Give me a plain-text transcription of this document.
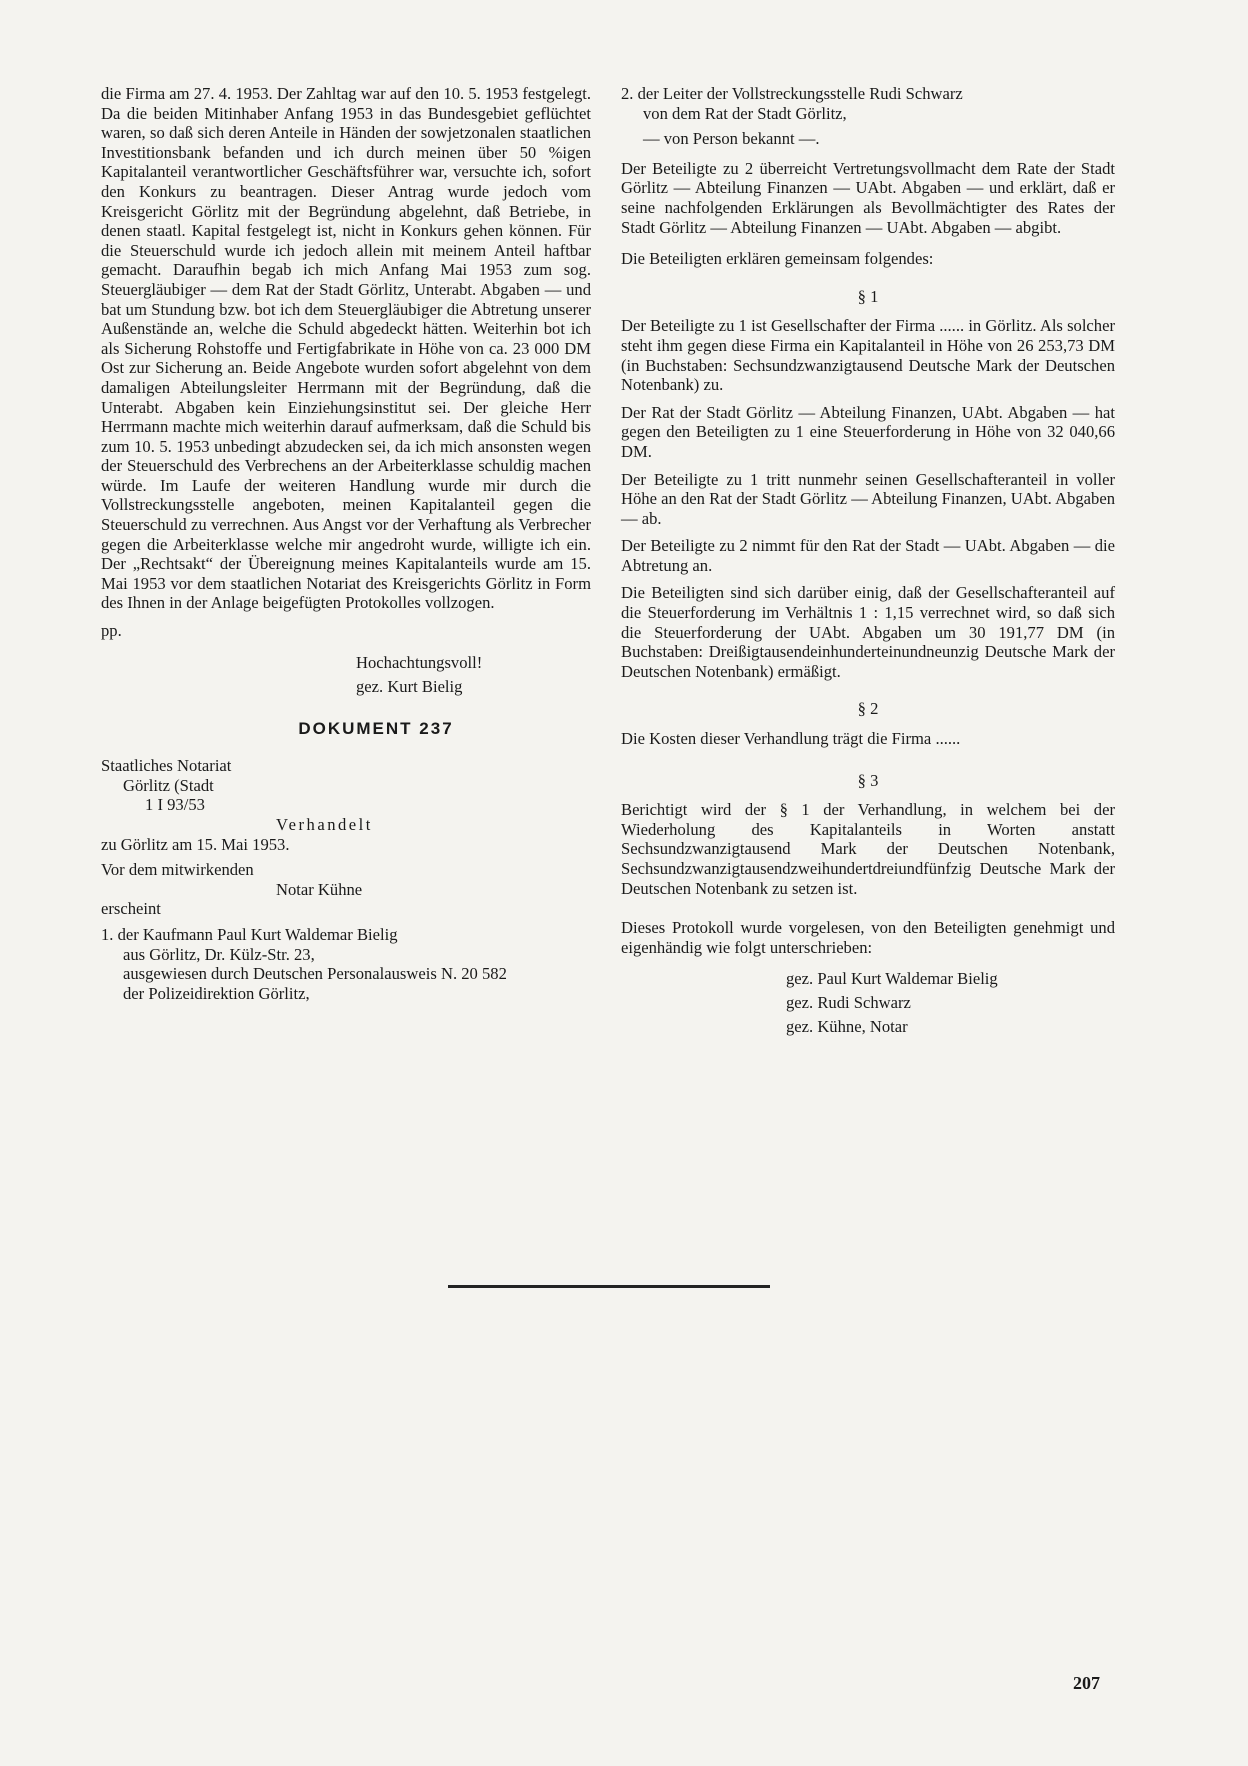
die Firma am 27. 4. 1953. Der Zahltag war auf den 10. 5. 1953 festgelegt. Da die beiden Mitinhaber Anfang 1953 in das Bundesgebiet geflüchtet waren, so daß sich deren Anteile in Händen der sowjetzonalen staatlichen Investitionsbank befanden und ich durch meinen über 50 %igen Kapitalanteil verantwortlicher Geschäftsführer war, versuchte ich, sofort den Konkurs zu beantragen. Dieser Antrag wurde jedoch vom Kreisgericht Görlitz mit der Begründung abgelehnt, daß Betriebe, in denen staatl. Kapital festgelegt ist, nicht in Konkurs gehen können. Für die Steuerschuld wurde ich jedoch allein mit meinem Anteil haftbar gemacht. Daraufhin begab ich mich Anfang Mai 1953 zum sog. Steuergläubiger — dem Rat der Stadt Görlitz, Unterabt. Abgaben — und bat um Stundung bzw. bot ich dem Steuergläubiger die Abtretung unserer Außenstände an, welche die Schuld abgedeckt hätten. Weiterhin bot ich als Sicherung Rohstoffe und Fertigfabrikate in Höhe von ca. 23 000 DM Ost zur Sicherung an. Beide Angebote wurden sofort abgelehnt von dem damaligen Abteilungsleiter Herrmann mit der Begründung, daß die Unterabt. Abgaben kein Einziehungsinstitut sei. Der gleiche Herr Herrmann machte mich weiterhin darauf aufmerksam, daß die Schuld bis zum 10. 5. 1953 unbedingt abzudecken sei, da ich mich ansonsten wegen der Steuerschuld des Verbrechens an der Arbeiterklasse schuldig machen würde. Im Laufe der weiteren Handlung wurde mir durch die Vollstreckungsstelle angeboten, meinen Kapitalanteil gegen die Steuerschuld zu verrechnen. Aus Angst vor der Verhaftung als Verbrecher gegen die Arbeiterklasse welche mir angedroht wurde, willigte ich ein. Der „Rechtsakt“ der Übereignung meines Kapitalanteils wurde am 15. Mai 1953 vor dem staatlichen Notariat des Kreisgerichts Görlitz in Form des Ihnen in der Anlage beigefügten Protokolles vollzogen.

pp.

Hochachtungsvoll!

gez. Kurt Bielig

DOKUMENT 237

Staatliches Notariat

Görlitz (Stadt

1 I 93/53

Verhandelt

zu Görlitz am 15. Mai 1953.

Vor dem mitwirkenden

Notar Kühne

erscheint

1. der Kaufmann Paul Kurt Waldemar Bielig

aus Görlitz, Dr. Külz-Str. 23,

ausgewiesen durch Deutschen Personalausweis N. 20 582

der Polizeidirektion Görlitz,

2. der Leiter der Vollstreckungsstelle Rudi Schwarz

von dem Rat der Stadt Görlitz,

— von Person bekannt —.

Der Beteiligte zu 2 überreicht Vertretungsvollmacht dem Rate der Stadt Görlitz — Abteilung Finanzen — UAbt. Abgaben — und erklärt, daß er seine nachfolgenden Erklärungen als Bevollmächtigter des Rates der Stadt Görlitz — Abteilung Finanzen — UAbt. Abgaben — abgibt.

Die Beteiligten erklären gemeinsam folgendes:

§ 1

Der Beteiligte zu 1 ist Gesellschafter der Firma ...... in Görlitz. Als solcher steht ihm gegen diese Firma ein Kapitalanteil in Höhe von 26 253,73 DM (in Buchstaben: Sechsundzwanzigtausend Deutsche Mark der Deutschen Notenbank) zu.

Der Rat der Stadt Görlitz — Abteilung Finanzen, UAbt. Abgaben — hat gegen den Beteiligten zu 1 eine Steuerforderung in Höhe von 32 040,66 DM.

Der Beteiligte zu 1 tritt nunmehr seinen Gesellschafteranteil in voller Höhe an den Rat der Stadt Görlitz — Abteilung Finanzen, UAbt. Abgaben — ab.

Der Beteiligte zu 2 nimmt für den Rat der Stadt — UAbt. Abgaben — die Abtretung an.

Die Beteiligten sind sich darüber einig, daß der Gesellschafteranteil auf die Steuerforderung im Verhältnis 1 : 1,15 verrechnet wird, so daß sich die Steuerforderung der UAbt. Abgaben um 30 191,77 DM (in Buchstaben: Dreißigtausendeinhunderteinundneunzig Deutsche Mark der Deutschen Notenbank) ermäßigt.

§ 2

Die Kosten dieser Verhandlung trägt die Firma ......

§ 3

Berichtigt wird der § 1 der Verhandlung, in welchem bei der Wiederholung des Kapitalanteils in Worten anstatt Sechsundzwanzigtausend Mark der Deutschen Notenbank, Sechsundzwanzigtausendzweihundertdreiundfünfzig Deutsche Mark der Deutschen Notenbank zu setzen ist.

Dieses Protokoll wurde vorgelesen, von den Beteiligten genehmigt und eigenhändig wie folgt unterschrieben:

gez. Paul Kurt Waldemar Bielig

gez. Rudi Schwarz

gez. Kühne, Notar

207
